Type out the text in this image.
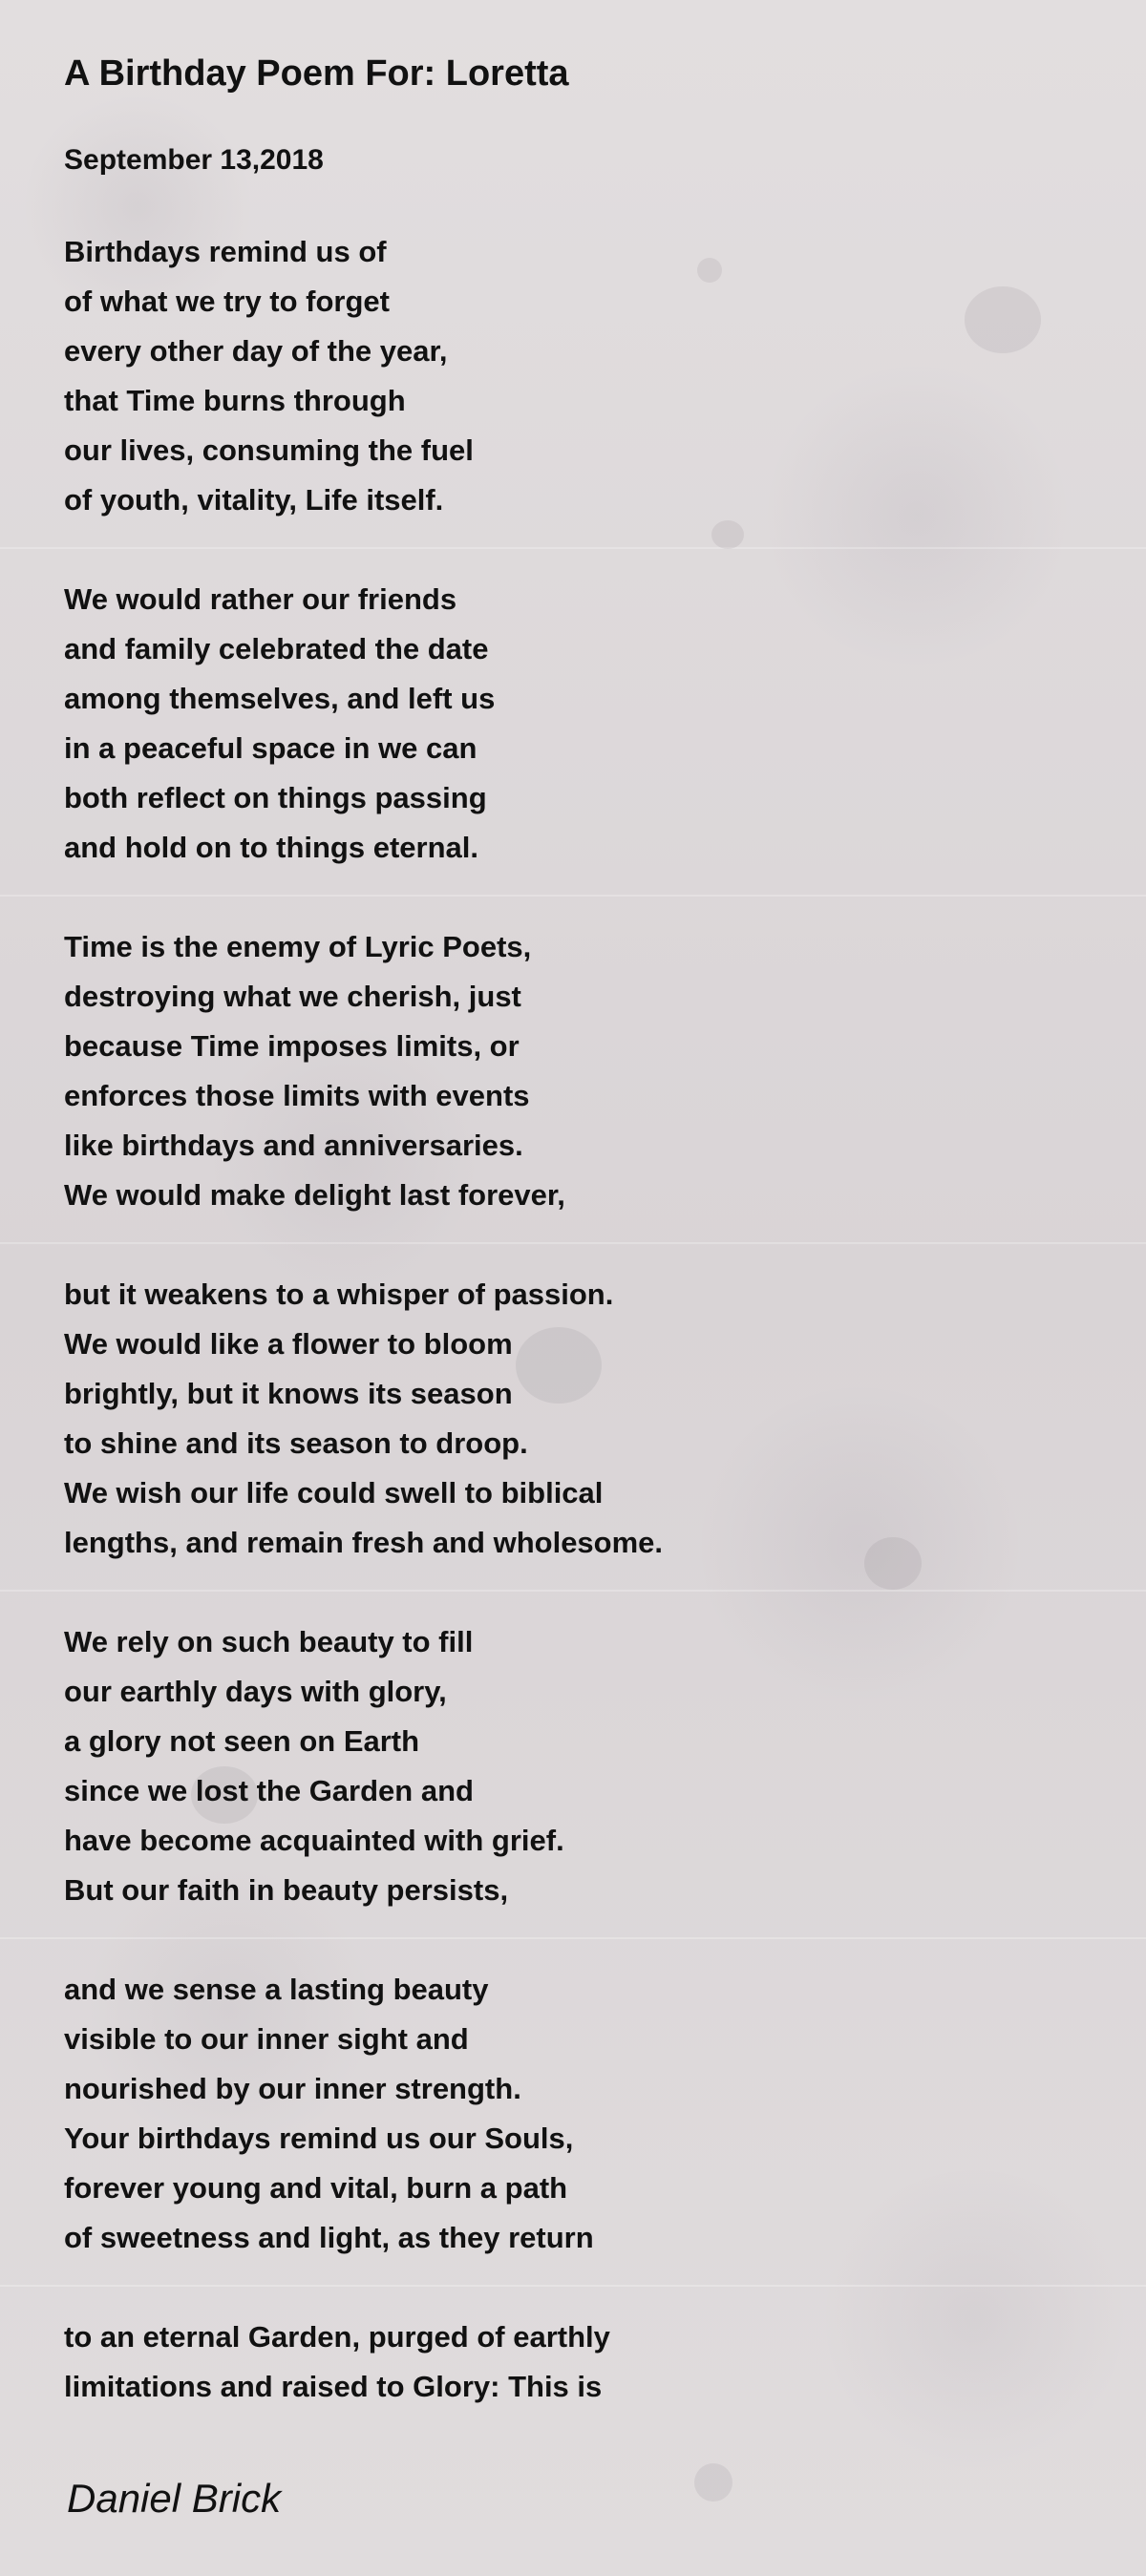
A Birthday Poem For: Loretta
September 13,2018
Birthdays remind us of
of what we try to forget
every other day of the year,
that Time burns through
our lives, consuming the fuel
of youth, vitality, Life itself.
We would rather our friends
and family celebrated the date
among themselves, and left us
in a peaceful space in we can
both reflect on things passing
and hold on to things eternal.
Time is the enemy of Lyric Poets,
destroying what we cherish, just
because Time imposes limits, or
enforces those limits with events
like birthdays and anniversaries.
We would make delight last forever,
but it weakens to a whisper of passion.
We would like a flower to bloom
brightly, but it knows its season
to shine and its season to droop.
We wish our life could swell to biblical
lengths, and remain fresh and wholesome.
We rely on such beauty to fill
our earthly days with glory,
a glory not seen on Earth
since we lost the Garden and
have become acquainted with grief.
But our faith in beauty persists,
and we sense a lasting beauty
visible to our inner sight and
nourished by our inner strength.
Your birthdays remind us our Souls,
forever young and vital, burn a path
of sweetness and light, as they return
to an eternal Garden, purged of earthly
limitations and raised to Glory: This is
Daniel Brick
